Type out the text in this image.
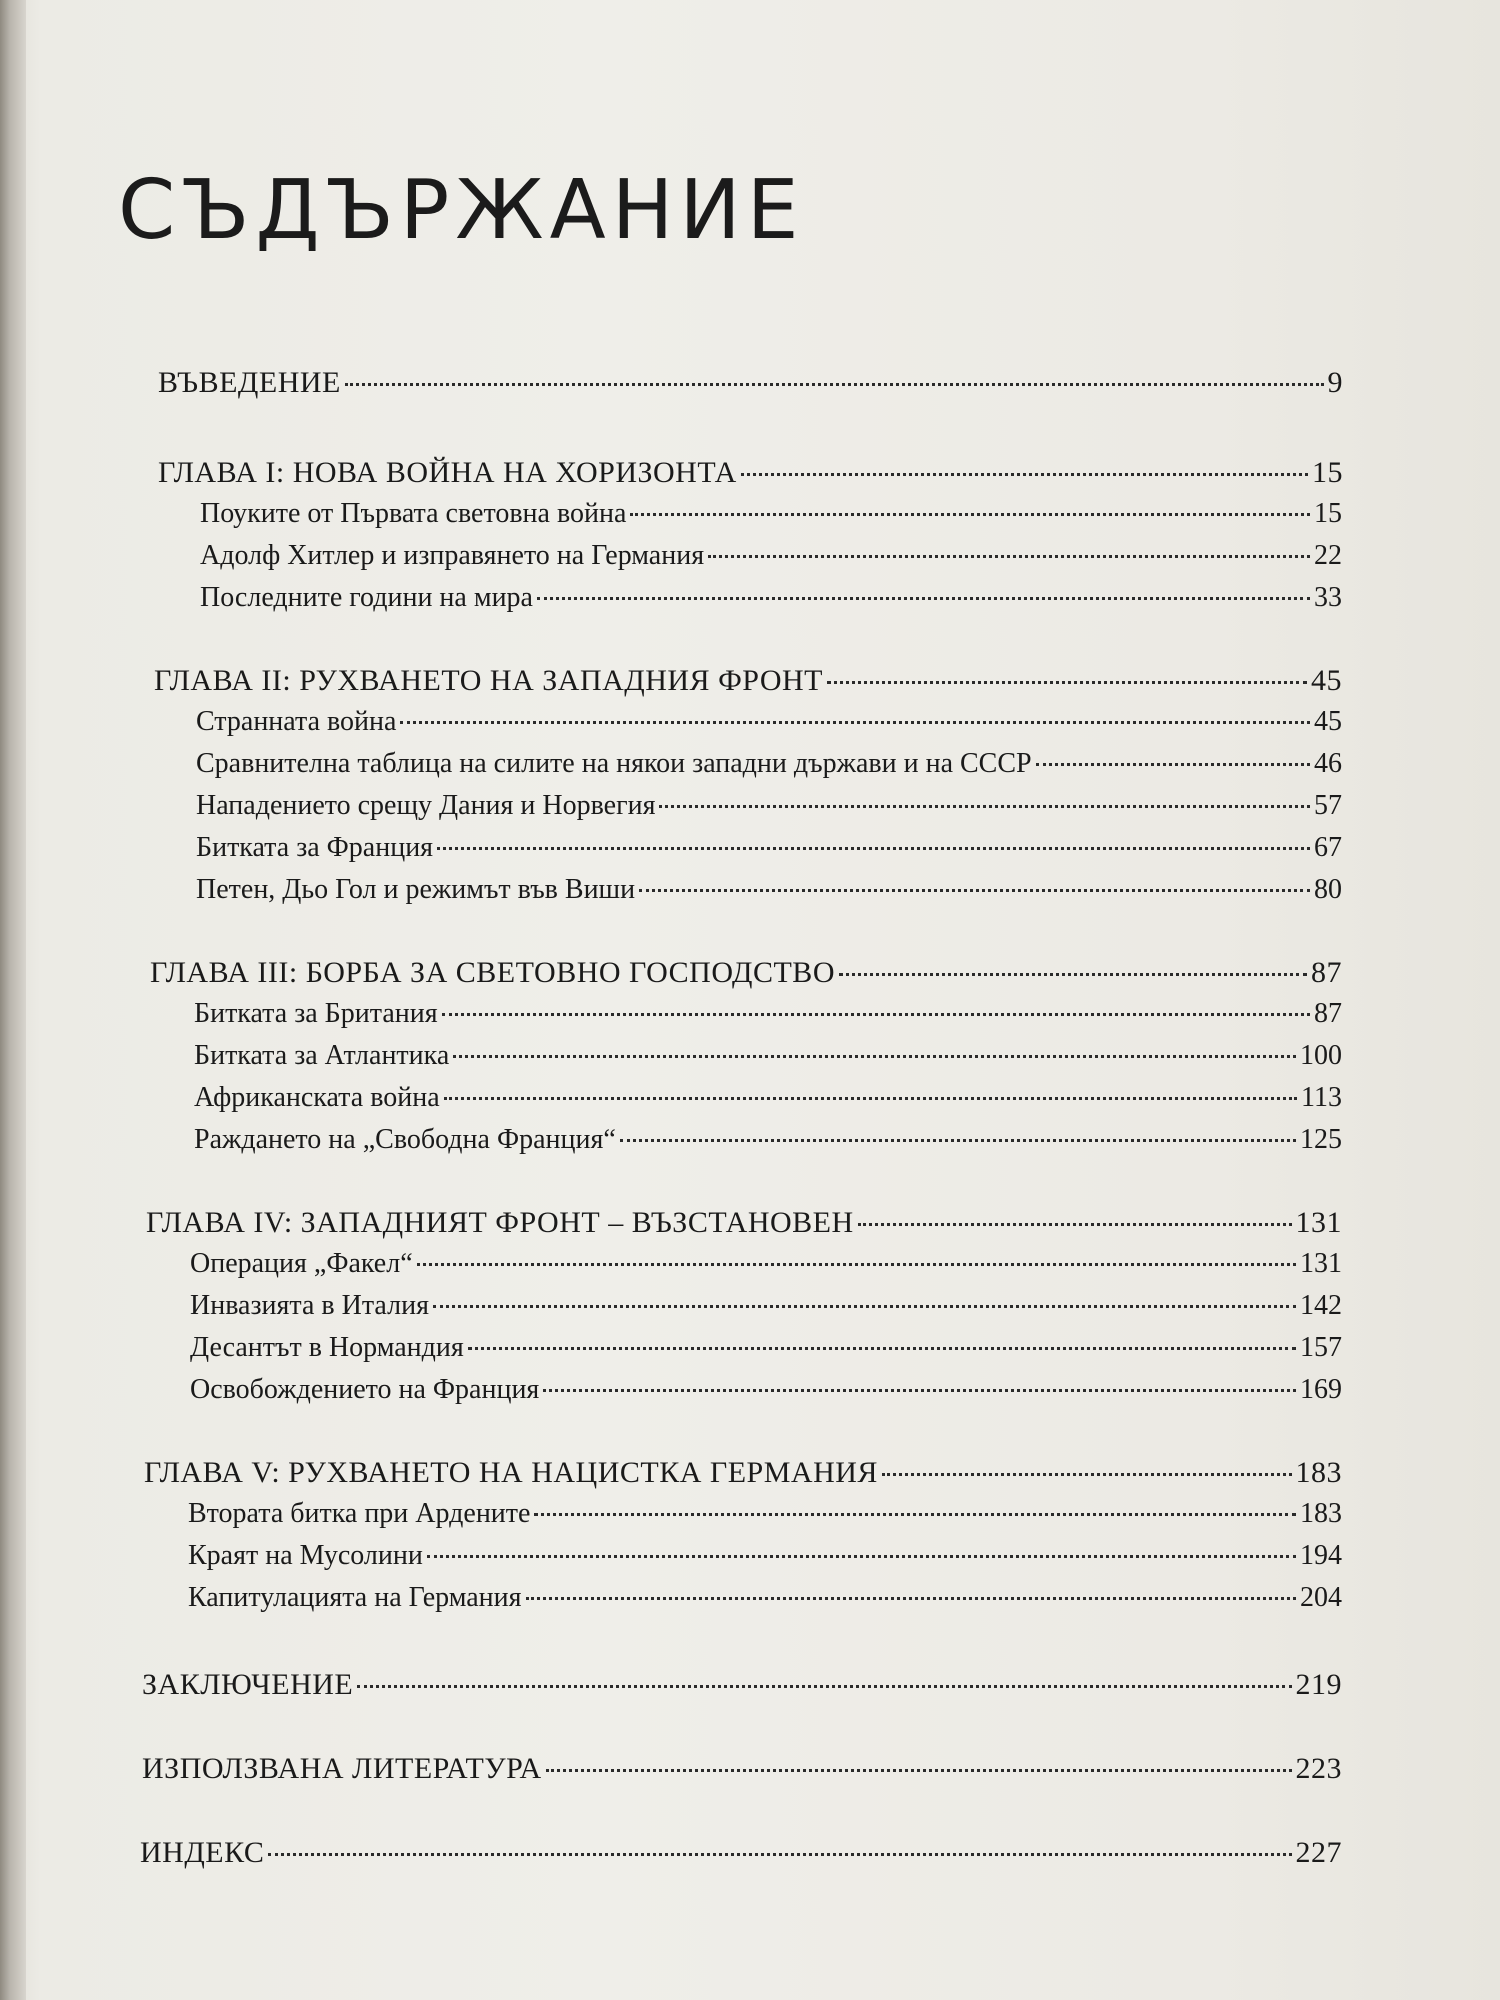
СЪДЪРЖАНИЕ
ВЪВЕДЕНИЕ	9
ГЛАВА I: НОВА ВОЙНА НА ХОРИЗОНТА	15
Поуките от Първата световна война	15
Адолф Хитлер и изправянето на Германия	22
Последните години на мира	33
ГЛАВА II: РУХВАНЕТО НА ЗАПАДНИЯ ФРОНТ	45
Странната война	45
Сравнителна таблица на силите на някои западни държави и на СССР	46
Нападението срещу Дания и Норвегия	57
Битката за Франция	67
Петен, Дьо Гол и режимът във Виши	80
ГЛАВА III: БОРБА ЗА СВЕТОВНО ГОСПОДСТВО	87
Битката за Британия	87
Битката за Атлантика	100
Африканската война	113
Раждането на „Свободна Франция“	125
ГЛАВА IV: ЗАПАДНИЯТ ФРОНТ – ВЪЗСТАНОВЕН	131
Операция „Факел“	131
Инвазията в Италия	142
Десантът в Нормандия	157
Освобождението на Франция	169
ГЛАВА V: РУХВАНЕТО НА НАЦИСТКА ГЕРМАНИЯ	183
Втората битка при Ардените	183
Краят на Мусолини	194
Капитулацията на Германия	204
ЗАКЛЮЧЕНИЕ	219
ИЗПОЛЗВАНА ЛИТЕРАТУРА	223
ИНДЕКС	227
